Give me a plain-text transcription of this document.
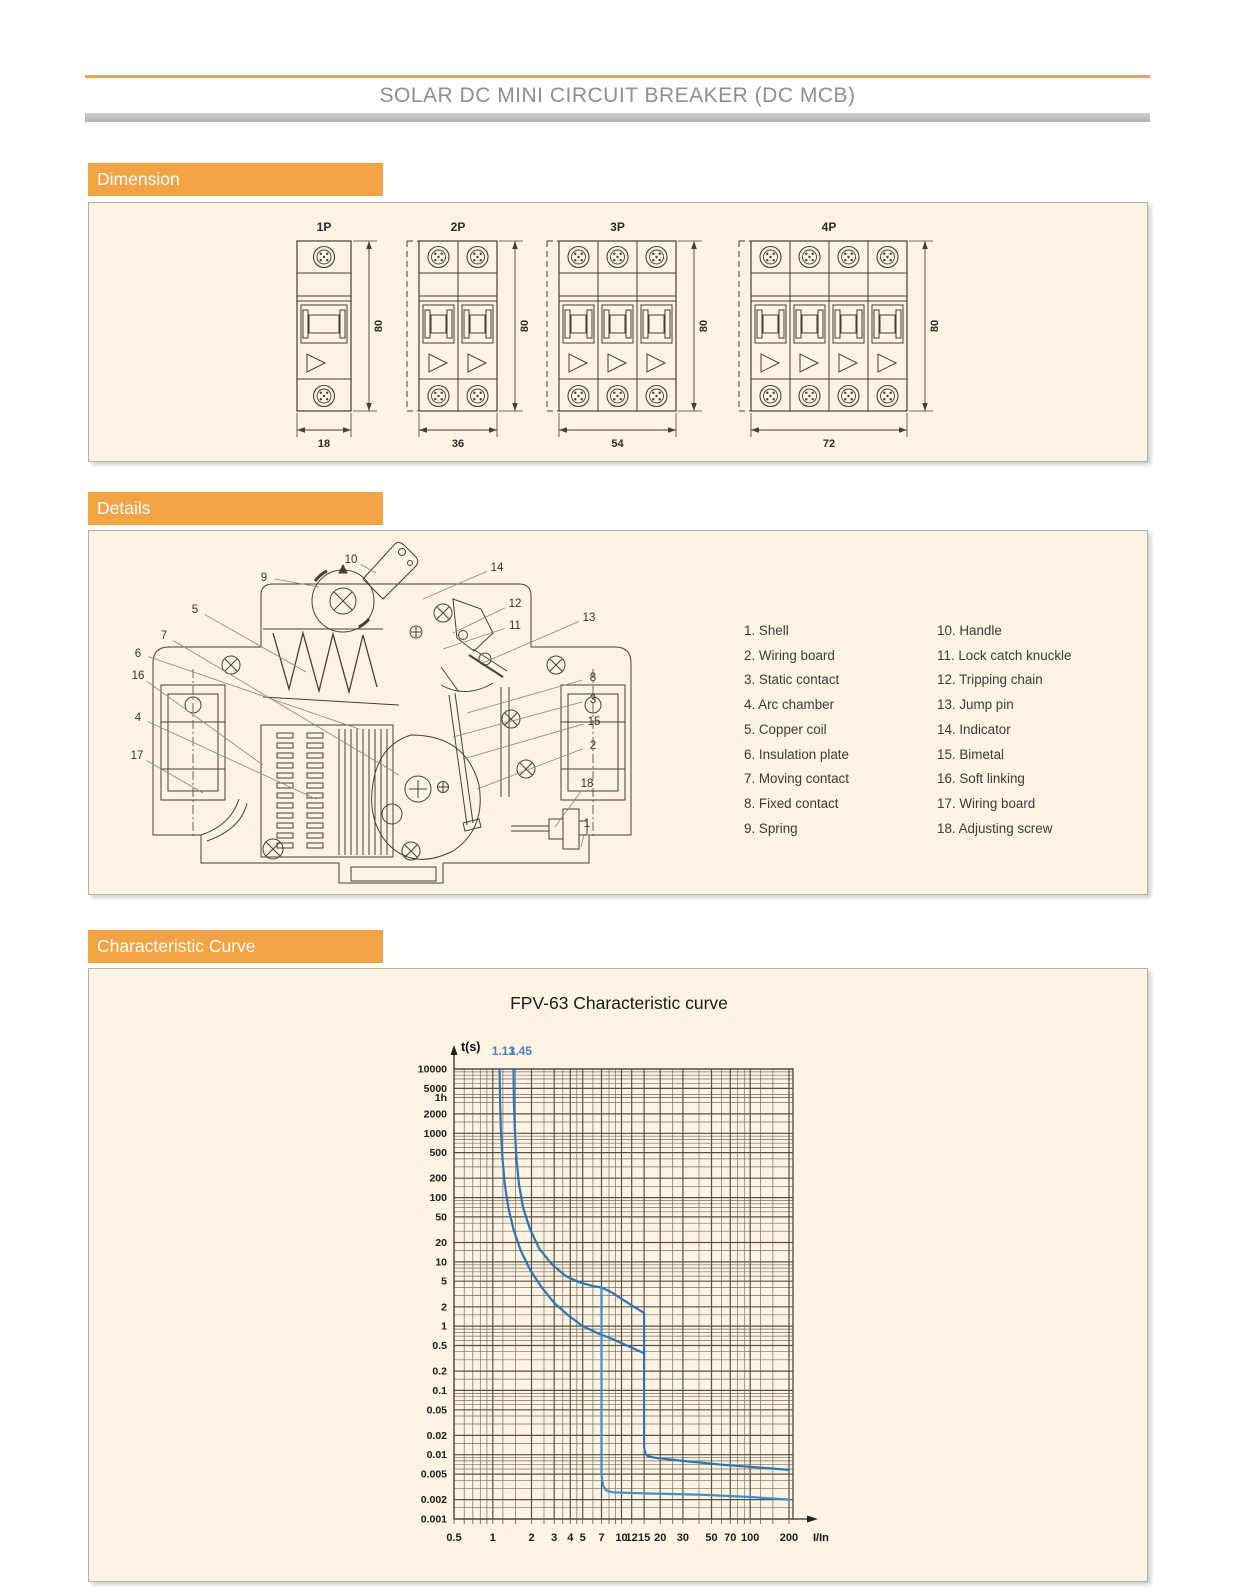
SOLAR DC MINI CIRCUIT BREAKER (DC MCB)
Dimension
1P
80
18
2P
80
36
3P
80
54
4P
80
72
Details
10
9
5
7
6
16
4
17
14
12
11
13
8
3
15
2
18
1
1. Shell
2. Wiring board
3. Static contact
4. Arc chamber
5. Copper coil
6. Insulation plate
7. Moving contact
8. Fixed contact
9. Spring
10. Handle
11. Lock catch knuckle
12. Tripping chain
13. Jump pin
14. Indicator
15. Bimetal
16. Soft linking
17. Wiring board
18. Adjusting screw
Characteristic Curve
0.5	1	2 3 4 5 7 10
12 15 20 30 50 70 100 200
10000
5000
1h
2000
1000
500
200
100
50
20
10
5
2
1
0.5
0.2
0.1
0.05
0.02
0.01
0.005
0.002
0.001
t(s)
I/In
FPV-63 Characteristic curve
1.13
1.45
